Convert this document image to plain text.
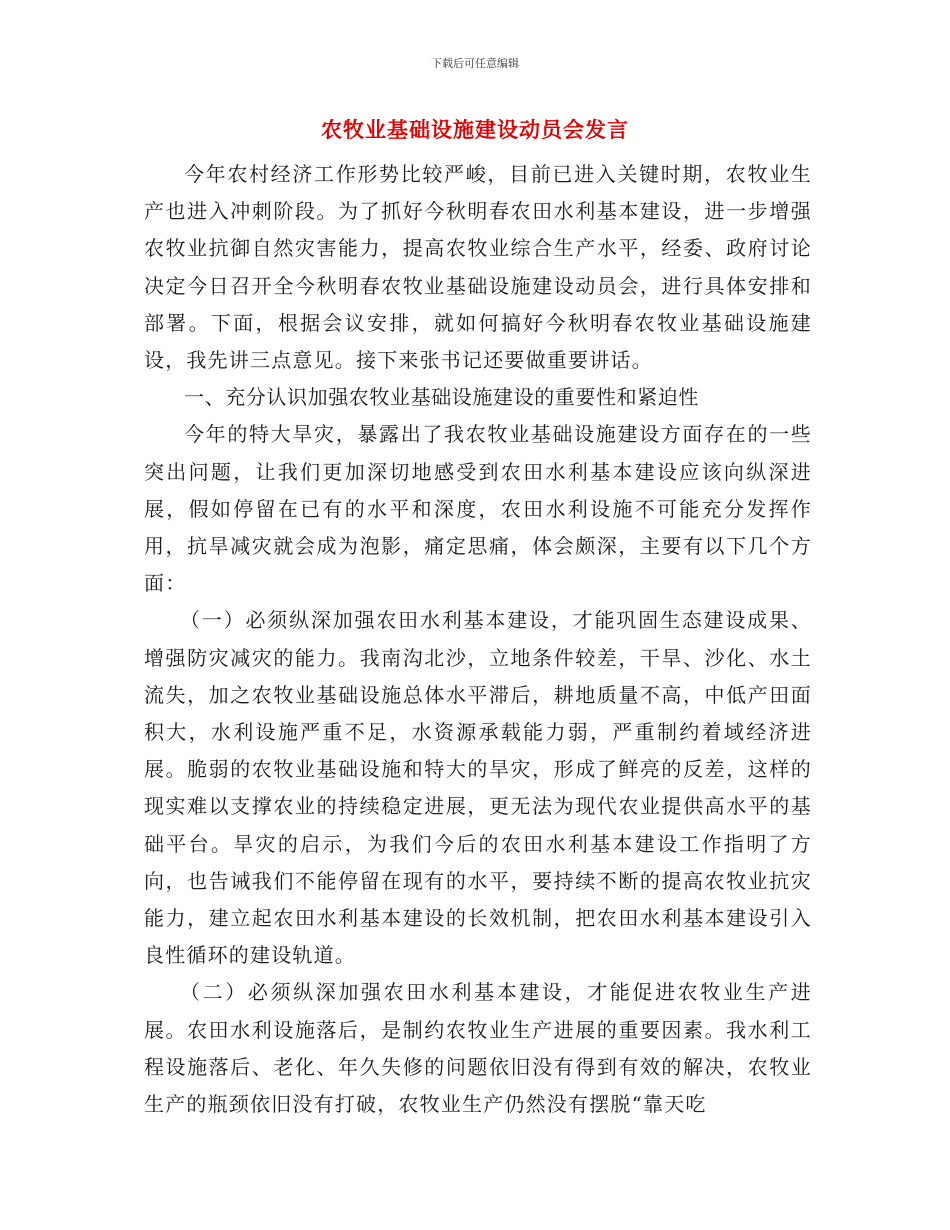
下载后可任意编辑
农牧业基础设施建设动员会发言

今年农村经济工作形势比较严峻，目前已进入关键时期，农牧业生产也进入冲刺阶段。为了抓好今秋明春农田水利基本建设，进一步增强农牧业抗御自然灾害能力，提高农牧业综合生产水平，经委、政府讨论决定今日召开全今秋明春农牧业基础设施建设动员会，进行具体安排和部署。下面，根据会议安排，就如何搞好今秋明春农牧业基础设施建设，我先讲三点意见。接下来张书记还要做重要讲话。

一、充分认识加强农牧业基础设施建设的重要性和紧迫性

今年的特大旱灾，暴露出了我农牧业基础设施建设方面存在的一些突出问题，让我们更加深切地感受到农田水利基本建设应该向纵深进展，假如停留在已有的水平和深度，农田水利设施不可能充分发挥作用，抗旱减灾就会成为泡影，痛定思痛，体会颇深，主要有以下几个方面：

（一）必须纵深加强农田水利基本建设，才能巩固生态建设成果、增强防灾减灾的能力。我南沟北沙，立地条件较差，干旱、沙化、水土流失，加之农牧业基础设施总体水平滞后，耕地质量不高，中低产田面积大，水利设施严重不足，水资源承载能力弱，严重制约着域经济进展。脆弱的农牧业基础设施和特大的旱灾，形成了鲜亮的反差，这样的现实难以支撑农业的持续稳定进展，更无法为现代农业提供高水平的基础平台。旱灾的启示，为我们今后的农田水利基本建设工作指明了方向，也告诫我们不能停留在现有的水平，要持续不断的提高农牧业抗灾能力，建立起农田水利基本建设的长效机制，把农田水利基本建设引入良性循环的建设轨道。

（二）必须纵深加强农田水利基本建设，才能促进农牧业生产进展。农田水利设施落后，是制约农牧业生产进展的重要因素。我水利工程设施落后、老化、年久失修的问题依旧没有得到有效的解决，农牧业生产的瓶颈依旧没有打破，农牧业生产仍然没有摆脱“靠天吃
